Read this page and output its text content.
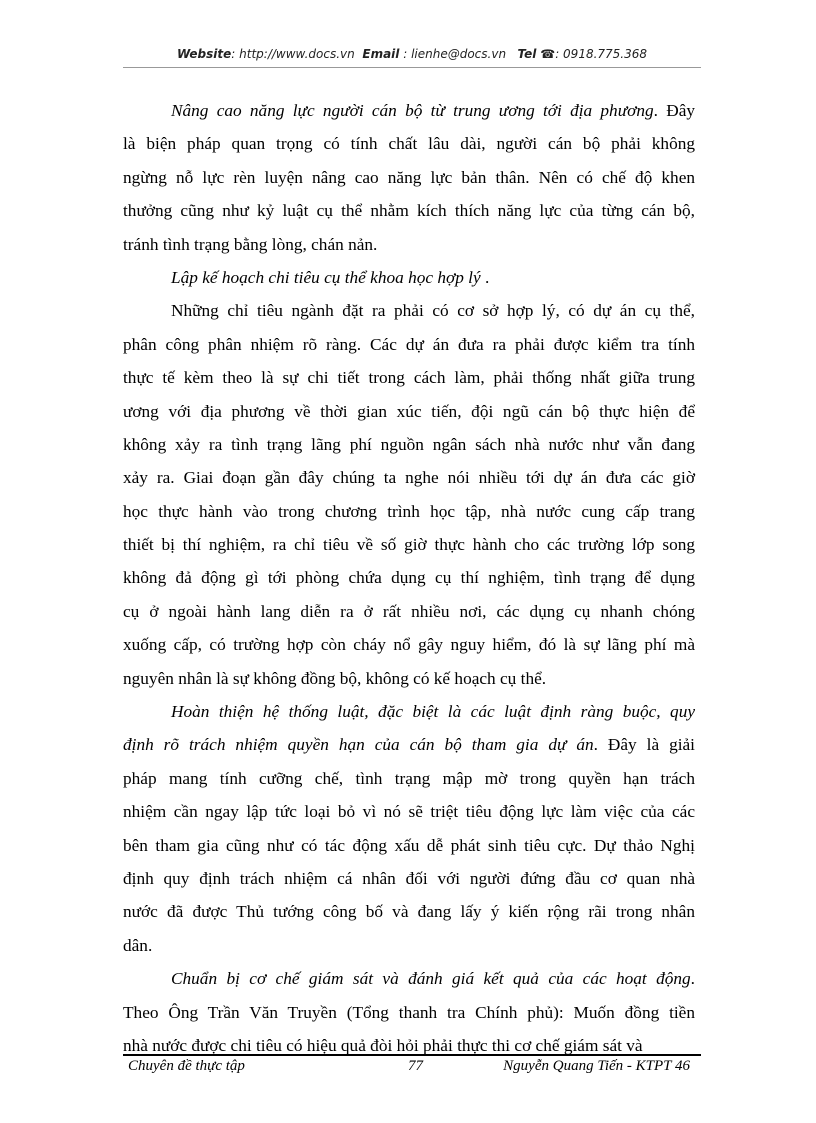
Website: http://www.docs.vn Email : lienhe@docs.vn Tel ☎: 0918.775.368
Nâng cao năng lực người cán bộ từ trung ương tới địa phương. Đây
là biện pháp quan trọng có tính chất lâu dài, người cán bộ phải không
ngừng nỗ lực rèn luyện nâng cao năng lực bản thân. Nên có chế độ khen
thưởng cũng như kỷ luật cụ thể nhằm kích thích năng lực của từng cán bộ,
tránh tình trạng bằng lòng, chán nản.
Lập kế hoạch chi tiêu cụ thể khoa học hợp lý .
Những chỉ tiêu ngành đặt ra phải có cơ sở hợp lý, có dự án cụ thể,
phân công phân nhiệm rõ ràng. Các dự án đưa ra phải được kiểm tra tính
thực tế kèm theo là sự chi tiết trong cách làm, phải thống nhất giữa trung
ương với địa phương về thời gian xúc tiến, đội ngũ cán bộ thực hiện để
không xảy ra tình trạng lãng phí nguồn ngân sách nhà nước như vẫn đang
xảy ra. Giai đoạn gần đây chúng ta nghe nói nhiều tới dự án đưa các giờ
học thực hành vào trong chương trình học tập, nhà nước cung cấp trang
thiết bị thí nghiệm, ra chỉ tiêu về số giờ thực hành cho các trường lớp song
không đả động gì tới phòng chứa dụng cụ thí nghiệm, tình trạng để dụng
cụ ở ngoài hành lang diễn ra ở rất nhiều nơi, các dụng cụ nhanh chóng
xuống cấp, có trường hợp còn cháy nổ gây nguy hiểm, đó là sự lãng phí mà
nguyên nhân là sự không đồng bộ, không có kế hoạch cụ thể.
Hoàn thiện hệ thống luật, đặc biệt là các luật định ràng buộc, quy
định rõ trách nhiệm quyền hạn của cán bộ tham gia dự án. Đây là giải
pháp mang tính cưỡng chế, tình trạng mập mờ trong quyền hạn trách
nhiệm cần ngay lập tức loại bỏ vì nó sẽ triệt tiêu động lực làm việc của các
bên tham gia cũng như có tác động xấu dễ phát sinh tiêu cực. Dự thảo Nghị
định quy định trách nhiệm cá nhân đối với người đứng đầu cơ quan nhà
nước đã được Thủ tướng công bố và đang lấy ý kiến rộng rãi trong nhân
dân.
Chuẩn bị cơ chế giám sát và đánh giá kết quả của các hoạt động.
Theo Ông Trần Văn Truyền (Tổng thanh tra Chính phủ): Muốn đồng tiền
nhà nước được chi tiêu có hiệu quả đòi hỏi phải thực thi cơ chế giám sát và
Chuyên đề thực tập	77	Nguyễn Quang Tiến - KTPT 46
